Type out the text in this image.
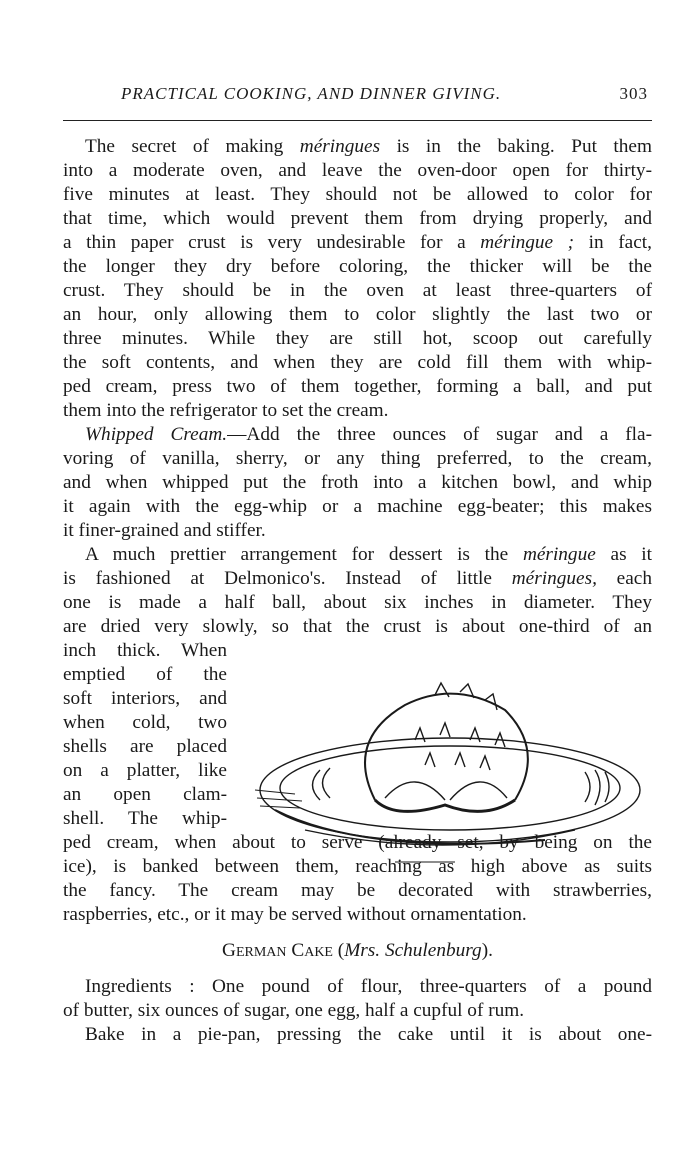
PRACTICAL COOKING, AND DINNER GIVING.	303
The secret of making méringues is in the baking. Put them
into a moderate oven, and leave the oven-door open for thirty-
five minutes at least. They should not be allowed to color for
that time, which would prevent them from drying properly, and
a thin paper crust is very undesirable for a méringue ; in fact,
the longer they dry before coloring, the thicker will be the
crust. They should be in the oven at least three-quarters of
an hour, only allowing them to color slightly the last two or
three minutes. While they are still hot, scoop out carefully
the soft contents, and when they are cold fill them with whip-
ped cream, press two of them together, forming a ball, and put
them into the refrigerator to set the cream.
Whipped Cream.—Add the three ounces of sugar and a fla-
voring of vanilla, sherry, or any thing preferred, to the cream,
and when whipped put the froth into a kitchen bowl, and whip
it again with the egg-whip or a machine egg-beater; this makes
it finer-grained and stiffer.
A much prettier arrangement for dessert is the méringue as it
is fashioned at Delmonico's. Instead of little méringues, each
one is made a half ball, about six inches in diameter. They
are dried very slowly, so that the crust is about one-third of an
inch thick. When
emptied of the
soft interiors, and
when cold, two
shells are placed
on a platter, like
an open clam-
shell. The whip-
ped cream, when about to serve (already set, by being on the
ice), is banked between them, reaching as high above as suits
the fancy. The cream may be decorated with strawberries,
raspberries, etc., or it may be served without ornamentation.
German Cake (Mrs. Schulenburg).
Ingredients : One pound of flour, three-quarters of a pound
of butter, six ounces of sugar, one egg, half a cupful of rum.
Bake in a pie-pan, pressing the cake until it is about one-
